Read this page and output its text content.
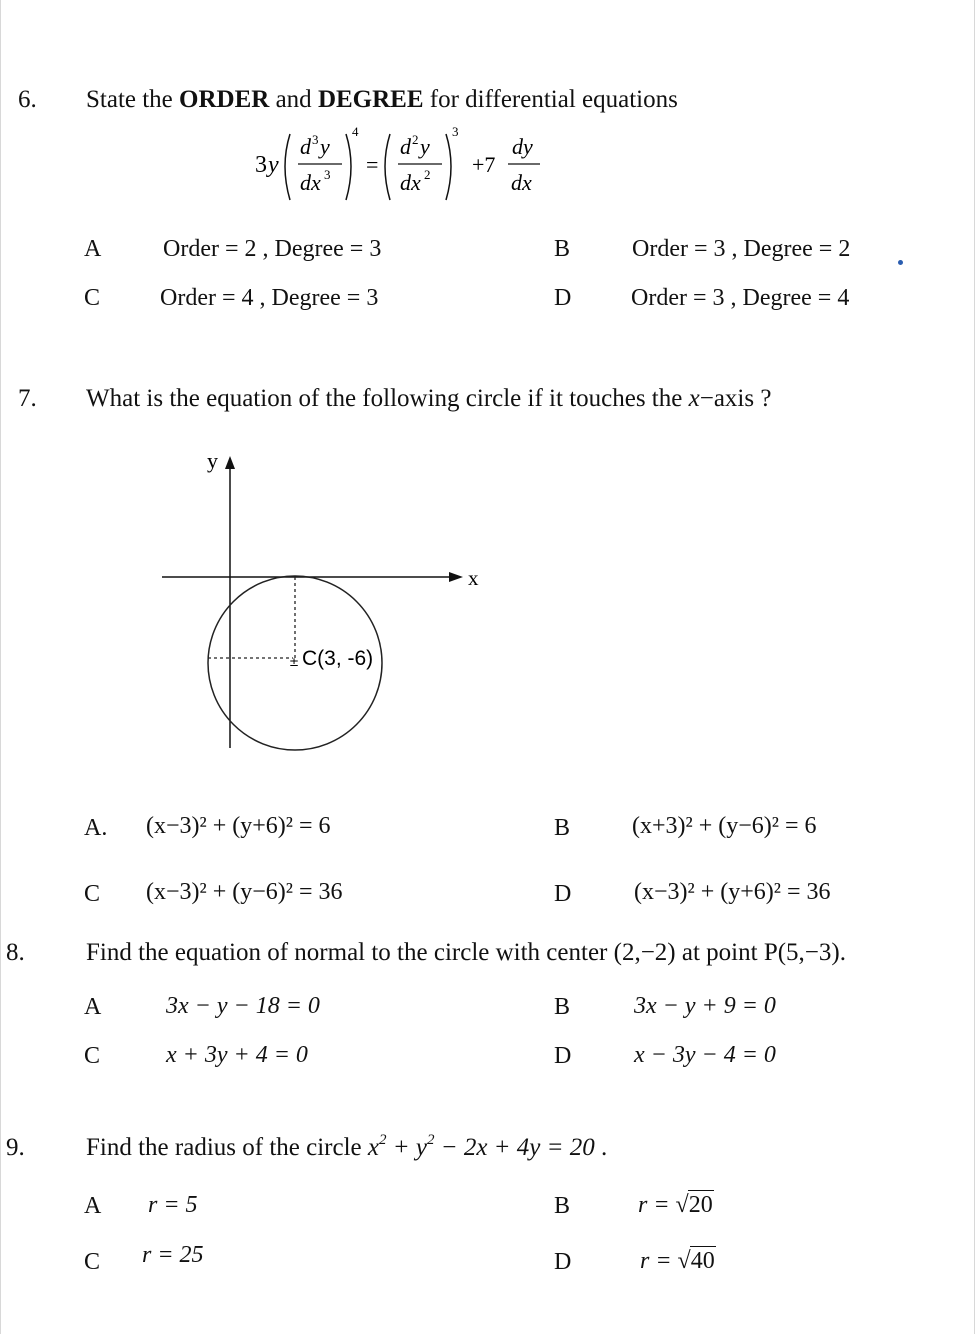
6. State the ORDER and DEGREE for differential equations
3 y
d 3 y
dx 3
4
=
d 2 y
dx 2
3
+7
dy
dx
A	Order = 2 , Degree = 3	B	Order = 3 , Degree = 2
C Order = 4 , Degree = 3	D Order = 3 , Degree = 4
7. What is the equation of the following circle if it touches the x−axis ?
y
x
± C(3, -6)
A. (x−3)² + (y+6)² = 6	B	(x+3)² + (y−6)² = 6
C (x−3)² + (y−6)² = 36	D	(x−3)² + (y+6)² = 36
8. Find the equation of normal to the circle with center (2,−2) at point P(5,−3).
A	3x − y − 18 = 0	B	3x − y + 9 = 0
C	x + 3y + 4 = 0	D	x − 3y − 4 = 0
9. Find the radius of the circle $x^2 + y^2 - 2x + 4y = 20$ .
A r = 5	B	r = √20
C r = 25	D	r = √40
